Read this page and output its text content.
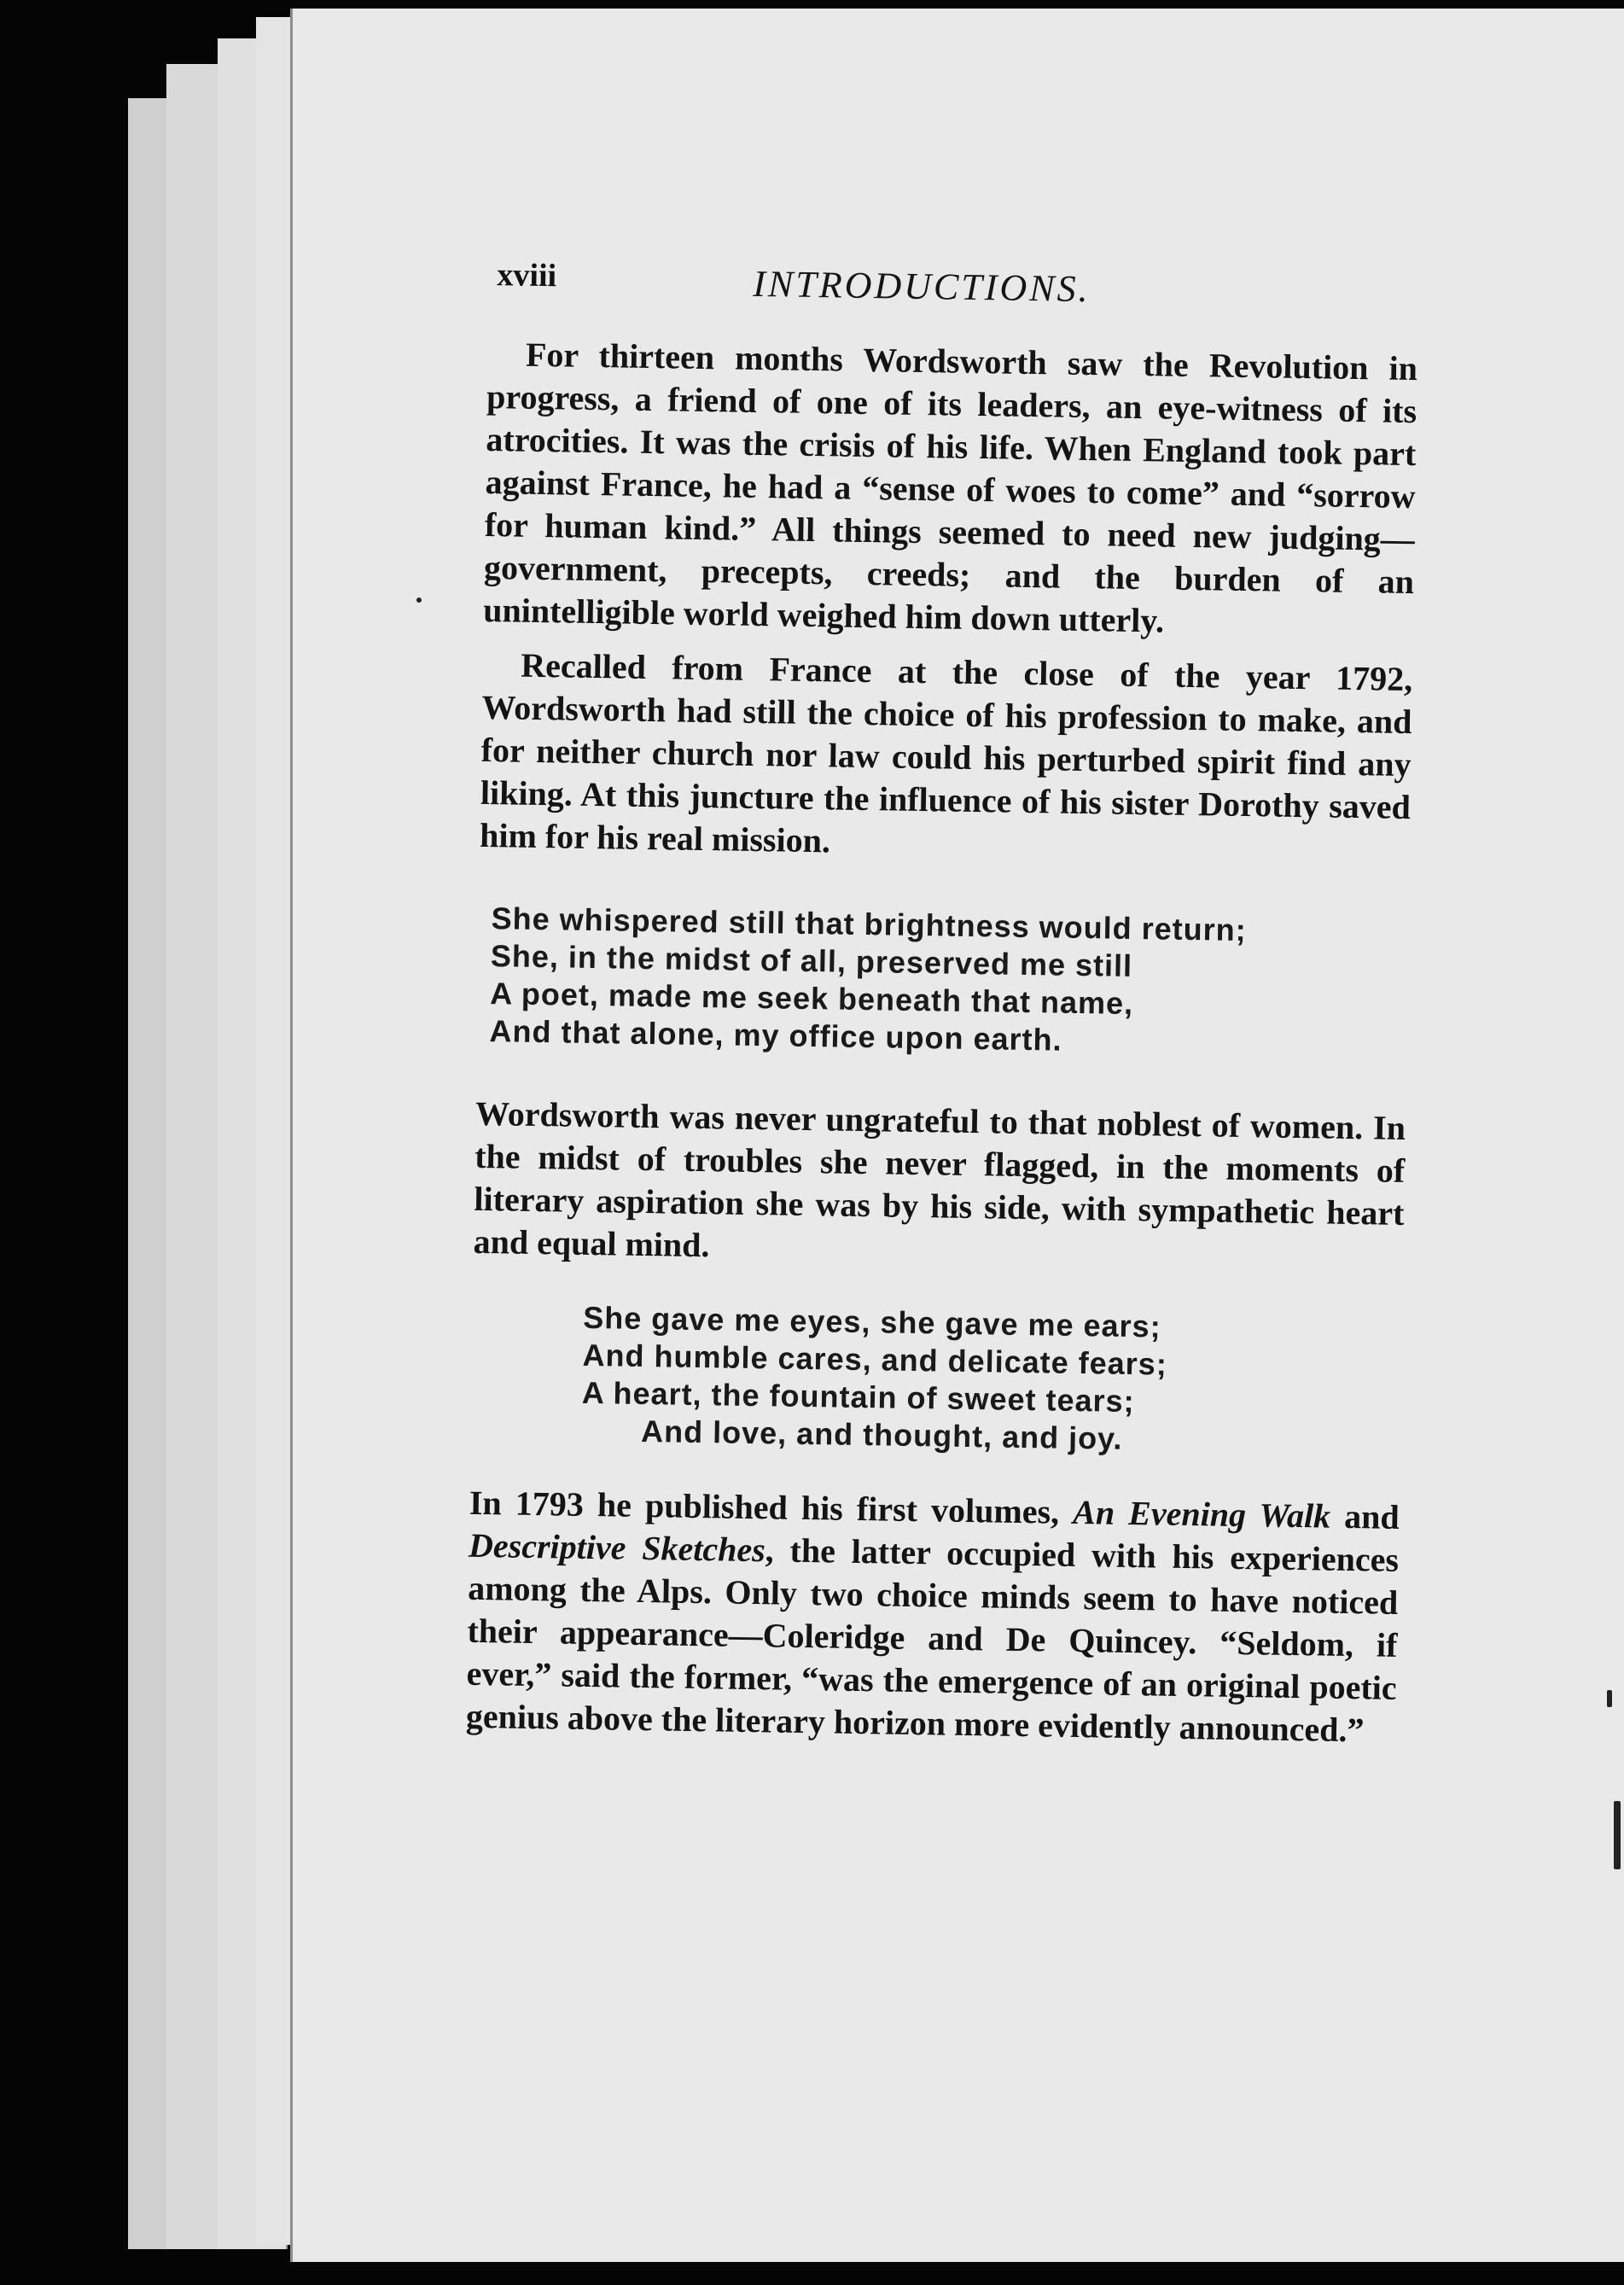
xviii	INTRODUCTIONS.

For thirteen months Wordsworth saw the Revolution in progress, a friend of one of its leaders, an eye-witness of its atrocities. It was the crisis of his life. When England took part against France, he had a “sense of woes to come” and “sorrow for human kind.” All things seemed to need new judging—government, precepts, creeds; and the burden of an unintelligible world weighed him down utterly.

Recalled from France at the close of the year 1792, Wordsworth had still the choice of his profession to make, and for neither church nor law could his perturbed spirit find any liking. At this juncture the influence of his sister Dorothy saved him for his real mission.

She whispered still that brightness would return;
She, in the midst of all, preserved me still
A poet, made me seek beneath that name,
And that alone, my office upon earth.

Wordsworth was never ungrateful to that noblest of women. In the midst of troubles she never flagged, in the moments of literary aspiration she was by his side, with sympathetic heart and equal mind.

She gave me eyes, she gave me ears;
And humble cares, and delicate fears;
A heart, the fountain of sweet tears;
And love, and thought, and joy.

In 1793 he published his first volumes, An Evening Walk and Descriptive Sketches, the latter occupied with his experiences among the Alps. Only two choice minds seem to have noticed their appearance—Coleridge and De Quincey. “Seldom, if ever,” said the former, “was the emergence of an original poetic genius above the literary horizon more evidently announced.”
